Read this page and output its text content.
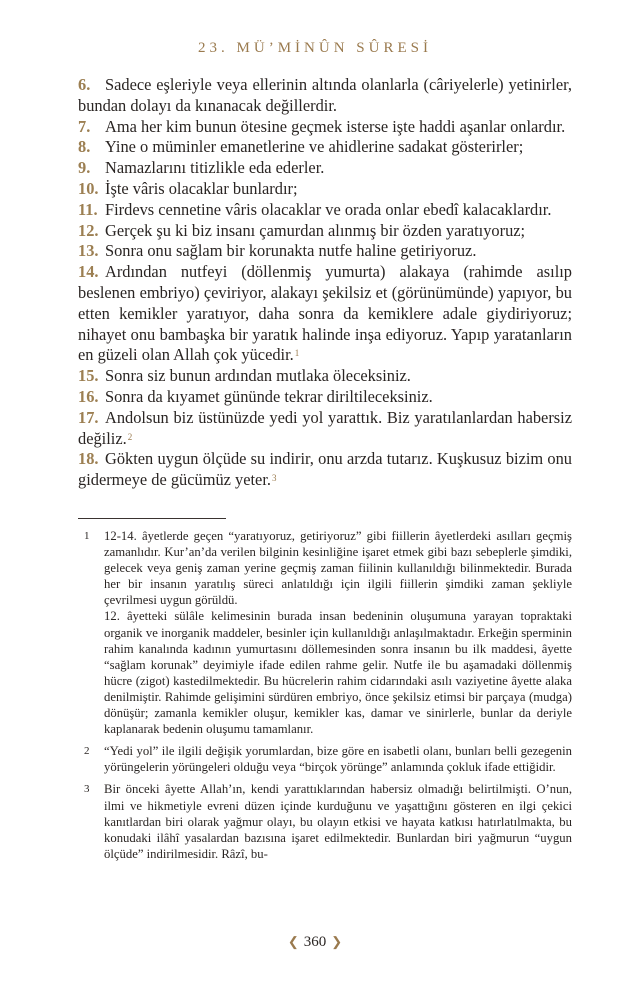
23. MÜ’MİNÛN SÛRESİ

6. Sadece eşleriyle veya ellerinin altında olanlarla (câriyelerle) yetinirler, bundan dolayı da kınanacak değillerdir.

7. Ama her kim bunun ötesine geçmek isterse işte haddi aşanlar onlardır.

8. Yine o müminler emanetlerine ve ahidlerine sadakat gösterirler;

9. Namazlarını titizlikle eda ederler.

10. İşte vâris olacaklar bunlardır;

11. Firdevs cennetine vâris olacaklar ve orada onlar ebedî kalacaklardır.

12. Gerçek şu ki biz insanı çamurdan alınmış bir özden yaratıyoruz;

13. Sonra onu sağlam bir korunakta nutfe haline getiriyoruz.

14. Ardından nutfeyi (döllenmiş yumurta) alakaya (rahimde asılıp beslenen embriyo) çeviriyor, alakayı şekilsiz et (görünümünde) yapıyor, bu etten kemikler yaratıyor, daha sonra da kemiklere adale giydiriyoruz; nihayet onu bambaşka bir yaratık halinde inşa ediyoruz. Yapıp yaratanların en güzeli olan Allah çok yücedir.$^1$

15. Sonra siz bunun ardından mutlaka öleceksiniz.

16. Sonra da kıyamet gününde tekrar diriltileceksiniz.

17. Andolsun biz üstünüzde yedi yol yarattık. Biz yaratılanlardan habersiz değiliz.$^2$

18. Gökten uygun ölçüde su indirir, onu arzda tutarız. Kuşkusuz bizim onu gidermeye de gücümüz yeter.$^3$

1	12-14. âyetlerde geçen “yaratıyoruz, getiriyoruz” gibi fiillerin âyetlerdeki asılları geçmiş zamanlıdır. Kur’an’da verilen bilginin kesinliğine işaret etmek gibi bazı sebeplerle şimdiki, gelecek veya geniş zaman yerine geçmiş zaman fiilinin kullanıldığı bilinmektedir. Burada her bir insanın yaratılış süreci anlatıldığı için ilgili fiillerin şimdiki zaman şekliyle çevrilmesi uygun görüldü.

12. âyetteki sülâle kelimesinin burada insan bedeninin oluşumuna yarayan topraktaki organik ve inorganik maddeler, besinler için kullanıldığı anlaşılmaktadır. Erkeğin sperminin rahim kanalında kadının yumurtasını döllemesinden sonra insanın bu ilk maddesi, âyette “sağlam korunak” deyimiyle ifade edilen rahme gelir. Nutfe ile bu aşamadaki döllenmiş hücre (zigot) kastedilmektedir. Bu hücrelerin rahim cidarındaki asılı vaziyetine âyette alaka denilmiştir. Rahimde gelişimini sürdüren embriyo, önce şekilsiz etimsi bir parçaya (mudga) dönüşür; zamanla kemikler oluşur, kemikler kas, damar ve sinirlerle, bunlar da deriyle kaplanarak bedenin oluşumu tamamlanır.

2	“Yedi yol” ile ilgili değişik yorumlardan, bize göre en isabetli olanı, bunları belli gezegenin yörüngelerin yörüngeleri olduğu veya “birçok yörünge” anlamında çokluk ifade ettiğidir.

3	Bir önceki âyette Allah’ın, kendi yarattıklarından habersiz olmadığı belirtilmişti. O’nun, ilmi ve hikmetiyle evreni düzen içinde kurduğunu ve yaşattığını gösteren en ilgi çekici kanıtlardan biri olarak yağmur olayı, bu olayın etkisi ve hayata katkısı hatırlatılmakta, bu konudaki ilâhî yasalardan bazısına işaret edilmektedir. Bunlardan biri yağmurun “uygun ölçüde” indirilmesidir. Râzî, bu-

❮ 360 ❯
